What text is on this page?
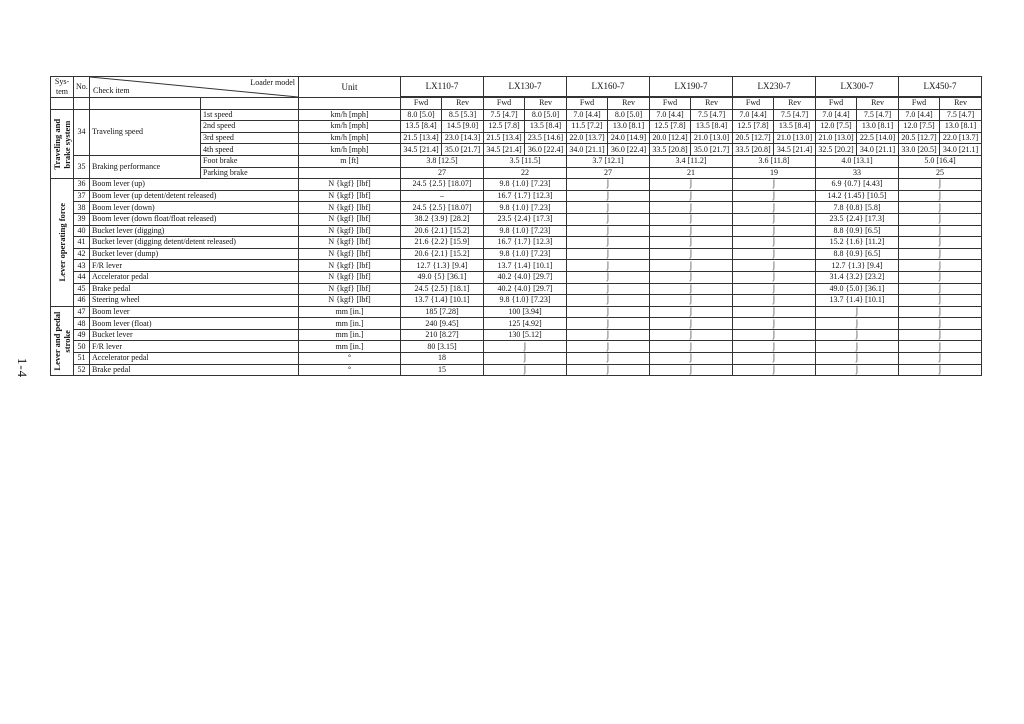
1-4
Sys-
tem	No.	Loader model
Check item		Unit	LX110-7		LX130-7		LX160-7		LX190-7		LX230-7		LX300-7		LX450-7	

					Fwd	Rev	Fwd	Rev	Fwd	Rev	Fwd	Rev	Fwd	Rev	Fwd	Rev	Fwd	Rev

Traveling and brake system	34	Traveling speed	1st speed	km/h [mph]	8.0 [5.0]	8.5 [5.3]	7.5 [4.7]	8.0 [5.0]	7.0 [4.4]	8.0 [5.0]	7.0 [4.4]	7.5 [4.7]	7.0 [4.4]	7.5 [4.7]	7.0 [4.4]	7.5 [4.7]	7.0 [4.4]	7.5 [4.7]
			2nd speed	km/h [mph]	13.5 [8.4]	14.5 [9.0]	12.5 [7.8]	13.5 [8.4]	11.5 [7.2]	13.0 [8.1]	12.5 [7.8]	13.5 [8.4]	12.5 [7.8]	13.5 [8.4]	12.0 [7.5]	13.0 [8.1]	12.0 [7.5]	13.0 [8.1]
			3rd speed	km/h [mph]	21.5 [13.4]	23.0 [14.3]	21.5 [13.4]	23.5 [14.6]	22.0 [13.7]	24.0 [14.9]	20.0 [12.4]	21.0 [13.0]	20.5 [12.7]	21.0 [13.0]	21.0 [13.0]	22.5 [14.0]	20.5 [12.7]	22.0 [13.7]
			4th speed	km/h [mph]	34.5 [21.4]	35.0 [21.7]	34.5 [21.4]	36.0 [22.4]	34.0 [21.1]	36.0 [22.4]	33.5 [20.8]	35.0 [21.7]	33.5 [20.8]	34.5 [21.4]	32.5 [20.2]	34.0 [21.1]	33.0 [20.5]	34.0 [21.1]
	35	Braking performance	Foot brake	m [ft]	3.8 [12.5]		3.5 [11.5]		3.7 [12.1]		3.4 [11.2]		3.6 [11.8]		4.0 [13.1]		5.0 [16.4]	
			Parking brake		27		22		27		21		19		33		25	

Lever operating force	36	Boom lever (up)		N {kgf} [lbf]	24.5 {2.5} [18.07]		9.8 {1.0} [7.23]		⌡		⌡		⌡		6.9 {0.7} [4.43]		⌡	
	37	Boom lever (up detent/detent released)		N {kgf} [lbf]	–		16.7 {1.7} [12.3]		⌡		⌡		⌡		14.2 {1.45} [10.5]		⌡	
	38	Boom lever (down)		N {kgf} [lbf]	24.5 {2.5} [18.07]		9.8 {1.0} [7.23]		⌡		⌡		⌡		7.8 {0.8} [5.8]		⌡	
	39	Boom lever (down float/float released)		N {kgf} [lbf]	38.2 {3.9} [28.2]		23.5 {2.4} [17.3]		⌡		⌡		⌡		23.5 {2.4} [17.3]		⌡	
	40	Bucket lever (digging)		N {kgf} [lbf]	20.6 {2.1} [15.2]		9.8 {1.0} [7.23]		⌡		⌡		⌡		8.8 {0.9} [6.5]		⌡	
	41	Bucket lever (digging detent/detent released)		N {kgf} [lbf]	21.6 {2.2} [15.9]		16.7 {1.7} [12.3]		⌡		⌡		⌡		15.2 {1.6} [11.2]		⌡	
	42	Bucket lever (dump)		N {kgf} [lbf]	20.6 {2.1} [15.2]		9.8 {1.0} [7.23]		⌡		⌡		⌡		8.8 {0.9} [6.5]		⌡	
	43	F/R lever		N {kgf} [lbf]	12.7 {1.3} [9.4]		13.7 {1.4} [10.1]		⌡		⌡		⌡		12.7 {1.3} [9.4]		⌡	
	44	Accelerator pedal		N {kgf} [lbf]	49.0 {5} [36.1]		40.2 {4.0} [29.7]		⌡		⌡		⌡		31.4 {3.2} [23.2]		⌡	
	45	Brake pedal		N {kgf} [lbf]	24.5 {2.5} [18.1]		40.2 {4.0} [29.7]		⌡		⌡		⌡		49.0 {5.0} [36.1]		⌡	
	46	Steering wheel		N {kgf} [lbf]	13.7 {1.4} [10.1]		9.8 {1.0} [7.23]		⌡		⌡		⌡		13.7 {1.4} [10.1]		⌡	

Lever and pedal stroke	47	Boom lever		mm [in.]	185 [7.28]		100 [3.94]		⌡		⌡		⌡		⌡		⌡	
	48	Boom lever (float)		mm [in.]	240 [9.45]		125 [4.92]		⌡		⌡		⌡		⌡		⌡	
	49	Bucket lever		mm [in.]	210 [8.27]		130 [5.12]		⌡		⌡		⌡		⌡		⌡	
	50	F/R lever		mm [in.]	80 [3.15]		⌡		⌡		⌡		⌡		⌡		⌡	
	51	Accelerator pedal		°	18		⌡		⌡		⌡		⌡		⌡		⌡	
	52	Brake pedal		°	15		⌡		⌡		⌡		⌡		⌡		⌡	
